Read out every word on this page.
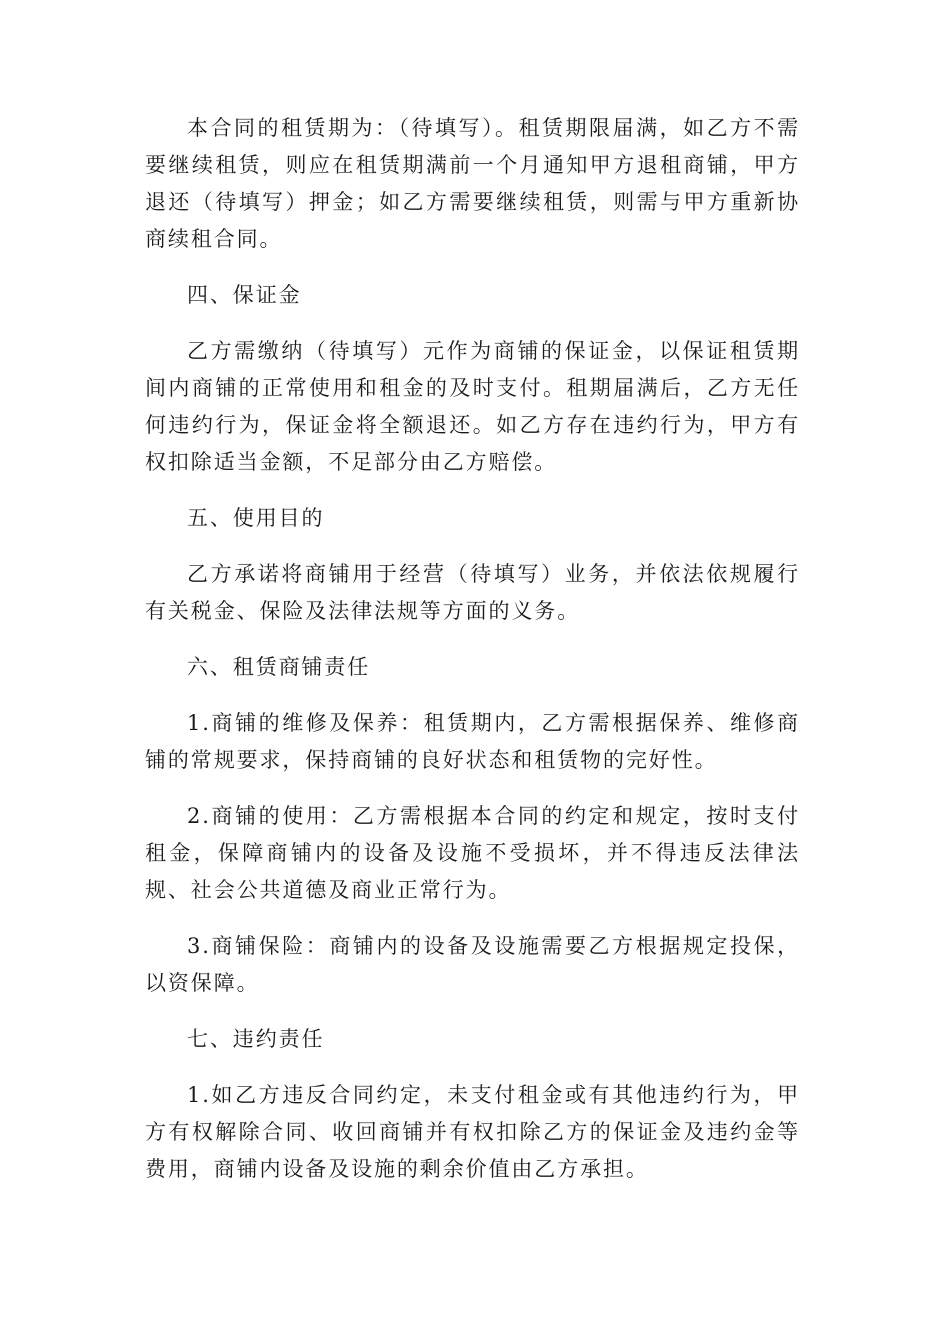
本合同的租赁期为：（待填写）。租赁期限届满，如乙方不需要继续租赁，则应在租赁期满前一个月通知甲方退租商铺，甲方退还（待填写）押金；如乙方需要继续租赁，则需与甲方重新协商续租合同。

四、保证金

乙方需缴纳（待填写）元作为商铺的保证金，以保证租赁期间内商铺的正常使用和租金的及时支付。租期届满后，乙方无任何违约行为，保证金将全额退还。如乙方存在违约行为，甲方有权扣除适当金额，不足部分由乙方赔偿。

五、使用目的

乙方承诺将商铺用于经营（待填写）业务，并依法依规履行有关税金、保险及法律法规等方面的义务。

六、租赁商铺责任

1.商铺的维修及保养：租赁期内，乙方需根据保养、维修商铺的常规要求，保持商铺的良好状态和租赁物的完好性。

2.商铺的使用：乙方需根据本合同的约定和规定，按时支付租金，保障商铺内的设备及设施不受损坏，并不得违反法律法规、社会公共道德及商业正常行为。

3.商铺保险：商铺内的设备及设施需要乙方根据规定投保，以资保障。

七、违约责任

1.如乙方违反合同约定，未支付租金或有其他违约行为，甲方有权解除合同、收回商铺并有权扣除乙方的保证金及违约金等费用，商铺内设备及设施的剩余价值由乙方承担。
